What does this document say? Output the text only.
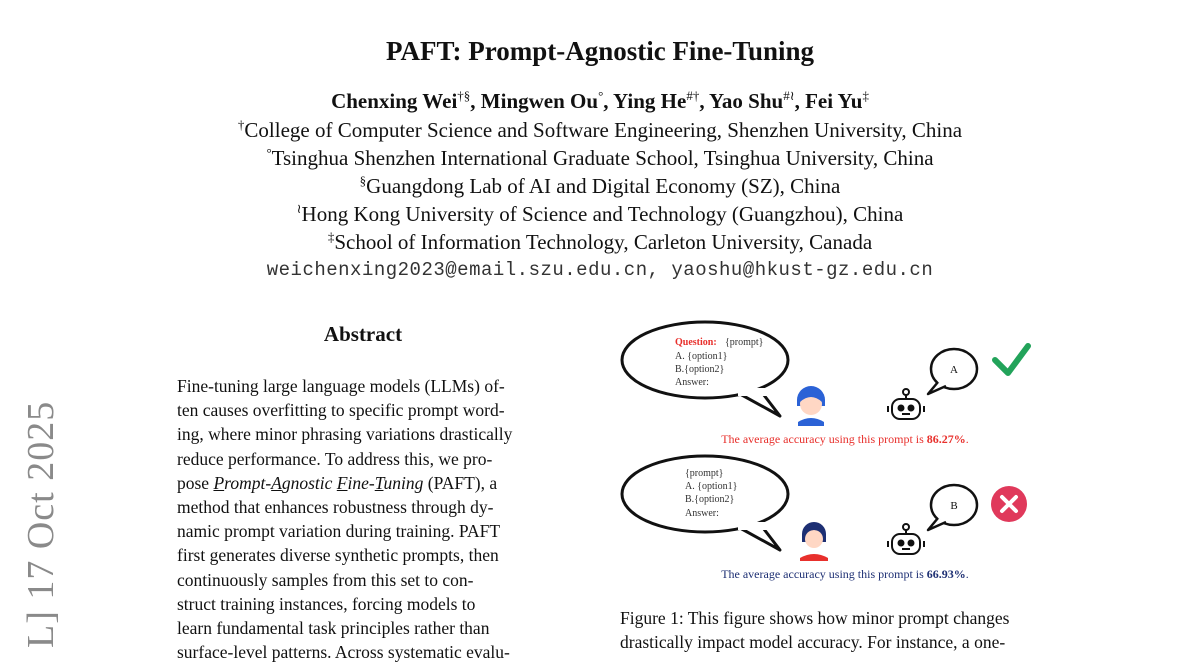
PAFT: Prompt-Agnostic Fine-Tuning
Chenxing Wei†§, Mingwen Ou°, Ying He#†, Yao Shu#≀, Fei Yu‡
†College of Computer Science and Software Engineering, Shenzhen University, China
°Tsinghua Shenzhen International Graduate School, Tsinghua University, China
§Guangdong Lab of AI and Digital Economy (SZ), China
≀Hong Kong University of Science and Technology (Guangzhou), China
‡School of Information Technology, Carleton University, Canada
weichenxing2023@email.szu.edu.cn, yaoshu@hkust-gz.edu.cn
L] 17 Oct 2025
Abstract
Fine-tuning large language models (LLMs) of-
ten causes overfitting to specific prompt word-
ing, where minor phrasing variations drastically
reduce performance. To address this, we pro-
pose Prompt-Agnostic Fine-Tuning (PAFT), a
method that enhances robustness through dy-
namic prompt variation during training. PAFT
first generates diverse synthetic prompts, then
continuously samples from this set to con-
struct training instances, forcing models to
learn fundamental task principles rather than
surface-level patterns. Across systematic evalu-
Question: {prompt}
A. {option1}
B.{option2}
Answer:
A
{prompt}
A. {option1}
B.{option2}
Answer:
B
The average accuracy using this prompt is 86.27%.
The average accuracy using this prompt is 66.93%.
Figure 1: This figure shows how minor prompt changes
drastically impact model accuracy. For instance, a one-
